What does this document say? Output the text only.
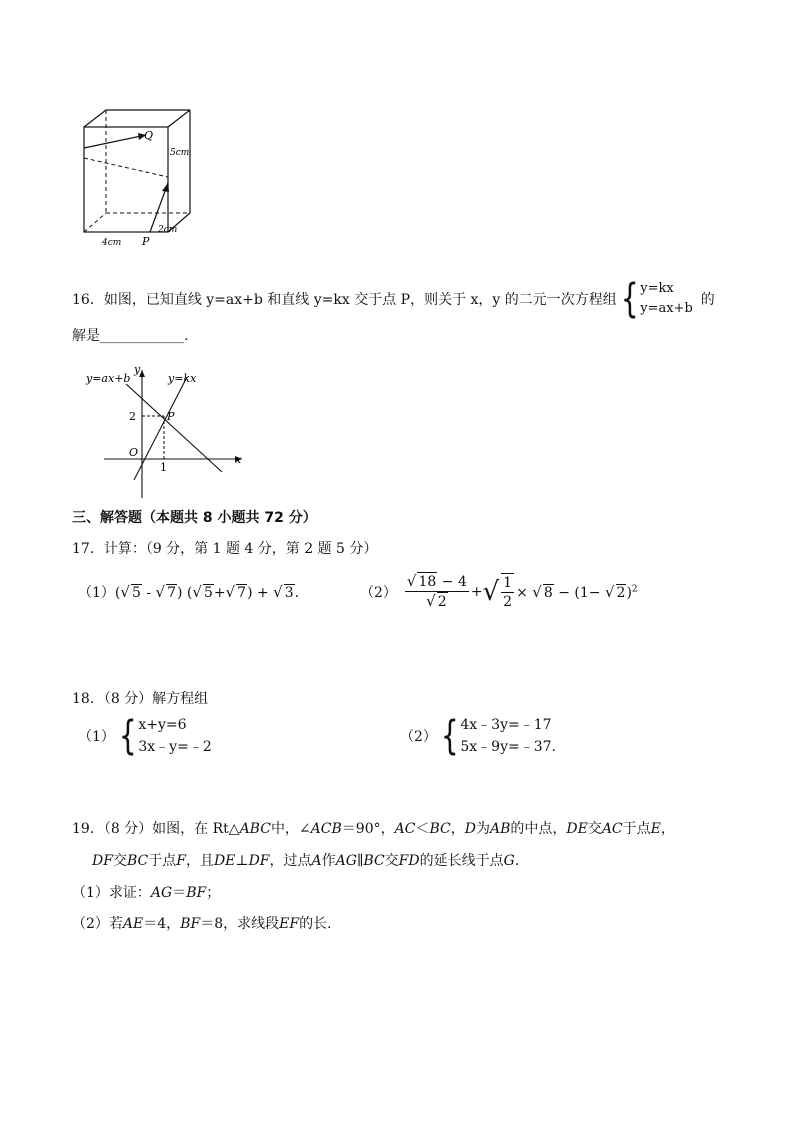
Q
P
5cm
4cm
2cm
16．如图，已知直线 y=ax+b 和直线 y=kx 交于点 P，则关于 x，y 的二元一次方程组 { y=kx
y=ax+b
的
解是____________.
y=ax+b	y=kx
y
x
O
P
2
1
三、解答题（本题共 8 小题共 72 分）
17．计算：（9 分，第 1 题 4 分，第 2 题 5 分）
（1） (√ 5 - √ 7) (√ 5+√ 7) + √ 3.	$(2) \frac{√ 18 - 4}{√ 2}$ + √ $\frac{1}{2}$ × √ 8 − (1− √ 2)$^2$
18．（8 分）解方程组
（1） { x+y=6
3x﹣y=﹣2
（2） { 4x﹣3y=﹣17
5x﹣9y=﹣37.
19．（8 分）如图，在 Rt△ABC中，∠ACB＝90°，AC＜BC，D为AB的中点，DE交AC于点E，
DF交BC于点F，且DE⊥DF，过点A作AG∥BC交FD的延长线于点G.
（1）求证：AG＝BF；
（2）若AE＝4，BF＝8，求线段EF的长.
